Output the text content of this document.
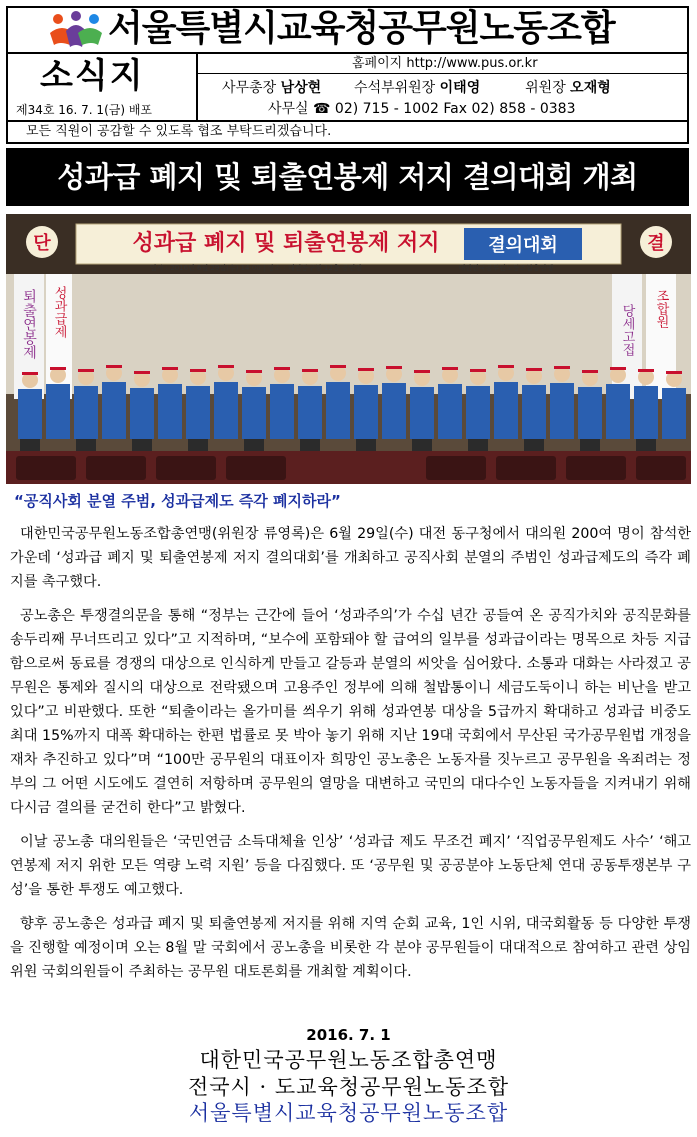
서울특별시교육청공무원노동조합
소식지
제34호 16. 7. 1(금) 배포
홈페이지 http://www.pus.or.kr
사무총장 남상현 수석부위원장 이태영	위원장 오재형
사무실 ☎ 02) 715 - 1002 Fax 02) 858 - 0383
모든 직원이 공감할 수 있도록 협조 부탁드리겠습니다.
성과급 폐지 및 퇴출연봉제 저지 결의대회 개최
성과급 폐지 및 퇴출연봉제 저지	결의대회
일시 : 2016년 6월 29일(수) 14:00 | 장소 : 대전동구청 12층 공연장	대한민국공무원노동조합총연맹
단	결
퇴출연봉제 성과급제	당세고접 조합원
“공직사회 분열 주범, 성과급제도 즉각 폐지하라”

대한민국공무원노동조합총연맹(위원장 류영록)은 6월 29일(수) 대전 동구청에서 대의원 200여 명이 참석한 가운데 ‘성과급 폐지 및 퇴출연봉제 저지 결의대회’를 개최하고 공직사회 분열의 주범인 성과급제도의 즉각 폐지를 촉구했다.

공노총은 투쟁결의문을 통해 “정부는 근간에 들어 ‘성과주의’가 수십 년간 공들여 온 공직가치와 공직문화를 송두리째 무너뜨리고 있다”고 지적하며, “보수에 포함돼야 할 급여의 일부를 성과급이라는 명목으로 차등 지급함으로써 동료를 경쟁의 대상으로 인식하게 만들고 갈등과 분열의 씨앗을 심어왔다. 소통과 대화는 사라졌고 공무원은 통제와 질시의 대상으로 전락됐으며 고용주인 정부에 의해 철밥통이니 세금도둑이니 하는 비난을 받고 있다”고 비판했다. 또한 “퇴출이라는 올가미를 씌우기 위해 성과연봉 대상을 5급까지 확대하고 성과급 비중도 최대 15%까지 대폭 확대하는 한편 법률로 못 박아 놓기 위해 지난 19대 국회에서 무산된 국가공무원법 개정을 재차 추진하고 있다”며 “100만 공무원의 대표이자 희망인 공노총은 노동자를 짓누르고 공무원을 옥죄려는 정부의 그 어떤 시도에도 결연히 저항하며 공무원의 열망을 대변하고 국민의 대다수인 노동자들을 지켜내기 위해 다시금 결의를 굳건히 한다”고 밝혔다.

이날 공노총 대의원들은 ‘국민연금 소득대체율 인상’ ‘성과급 제도 무조건 폐지’ ‘직업공무원제도 사수’ ‘해고연봉제 저지 위한 모든 역량 노력 지원’ 등을 다짐했다. 또 ‘공무원 및 공공분야 노동단체 연대 공동투쟁본부 구성’을 통한 투쟁도 예고했다.

향후 공노총은 성과급 폐지 및 퇴출연봉제 저지를 위해 지역 순회 교육, 1인 시위, 대국회활동 등 다양한 투쟁을 진행할 예정이며 오는 8월 말 국회에서 공노총을 비롯한 각 분야 공무원들이 대대적으로 참여하고 관련 상임위원 국회의원들이 주최하는 공무원 대토론회를 개최할 계획이다.

2016. 7. 1
대한민국공무원노동조합총연맹
전국시 · 도교육청공무원노동조합
서울특별시교육청공무원노동조합
